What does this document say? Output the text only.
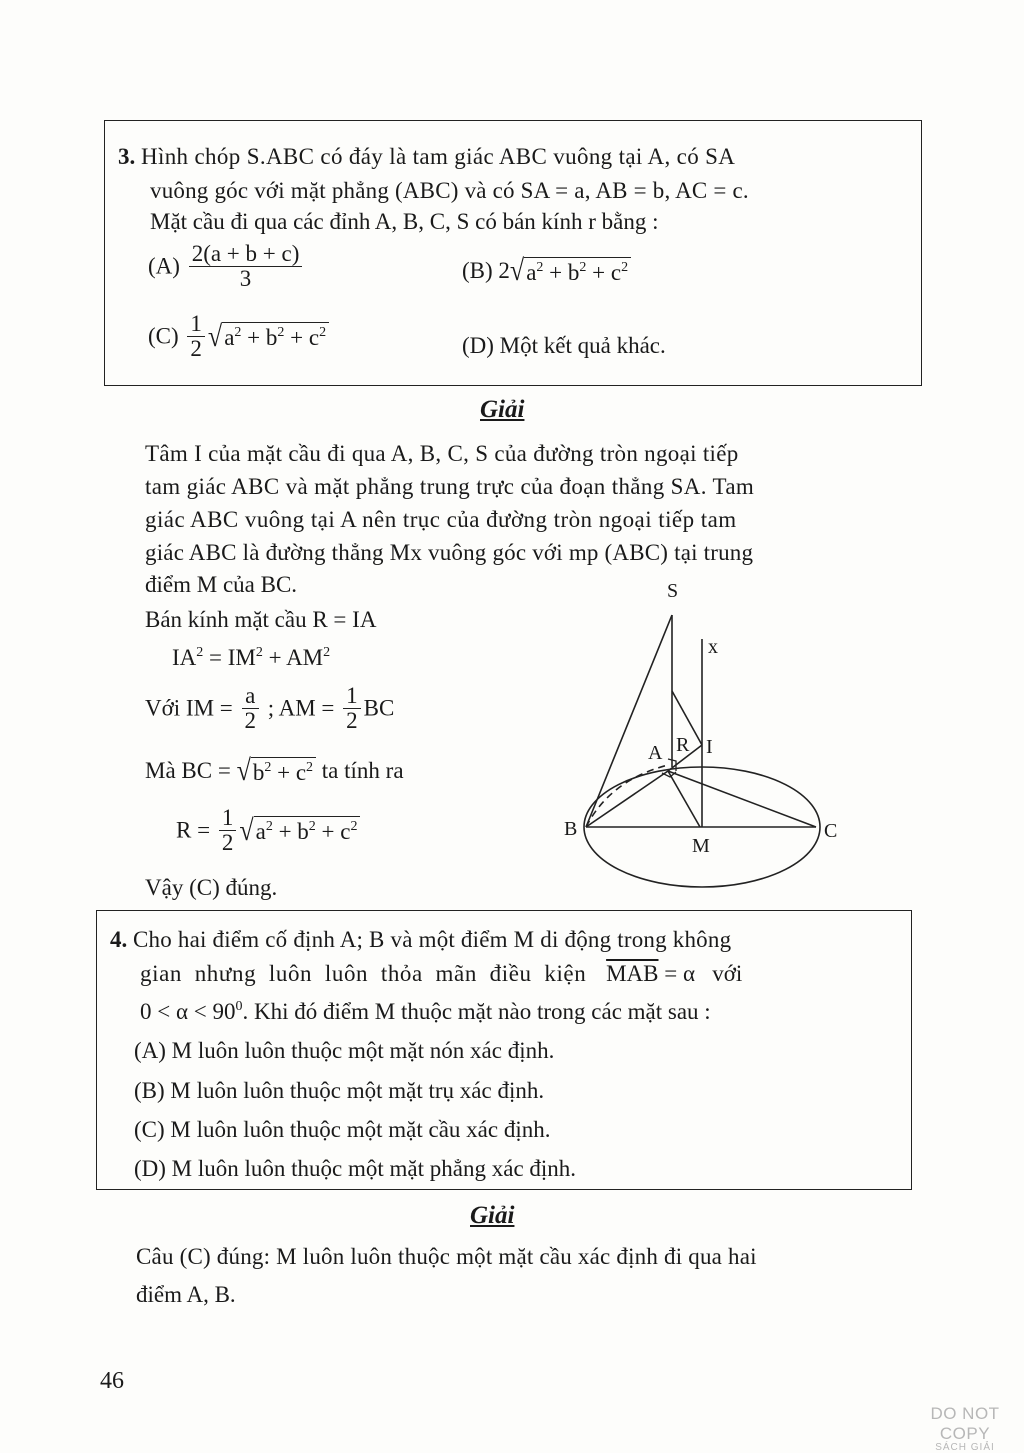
3. Hình chóp S.ABC có đáy là tam giác ABC vuông tại A, có SA
vuông góc với mặt phẳng (ABC) và có SA = a, AB = b, AC = c.
Mặt cầu đi qua các đỉnh A, B, C, S có bán kính r bằng :
$(A) \frac{2(a + b + c)}{3}$	(B) $2√a^2 + b^2 + c^2$
$(C) \frac{1}{2} √a^2 + b^2 + c^2$
(D) Một kết quả khác.
Giải
Tâm I của mặt cầu đi qua A, B, C, S của đường tròn ngoại tiếp
tam giác ABC và mặt phẳng trung trực của đoạn thẳng SA. Tam
giác ABC vuông tại A nên trục của đường tròn ngoại tiếp tam
giác ABC là đường thẳng Mx vuông góc với mp (ABC) tại trung
điểm M của BC.
Bán kính mặt cầu R = IA
$IA^2 = IM^2 + AM^2$
Với IM = $\frac{a}{2}$ ; AM = $\frac{1}{2}$ BC
Mà BC = $√b^2 + c^2$ ta tính ra
$R = \frac{1}{2} √a^2 + b^2 + c^2$
Vậy (C) đúng.
S
x
A R I
B	C
M
4. Cho hai điểm cố định A; B và một điểm M di động trong không
gian  nhưng  luôn  luôn  thỏa  mãn  điều  kiện $\overline{MAB} = \alpha$   với
$0 < \alpha < 90^0$. Khi đó điểm M thuộc mặt nào trong các mặt sau :
(A) M luôn luôn thuộc một mặt nón xác định.
(B) M luôn luôn thuộc một mặt trụ xác định.
(C) M luôn luôn thuộc một mặt cầu xác định.
(D) M luôn luôn thuộc một mặt phẳng xác định.
Giải
Câu (C) đúng: M luôn luôn thuộc một mặt cầu xác định đi qua hai
điểm A, B.
46
DO NOT COPY
SÁCH GIẢI
